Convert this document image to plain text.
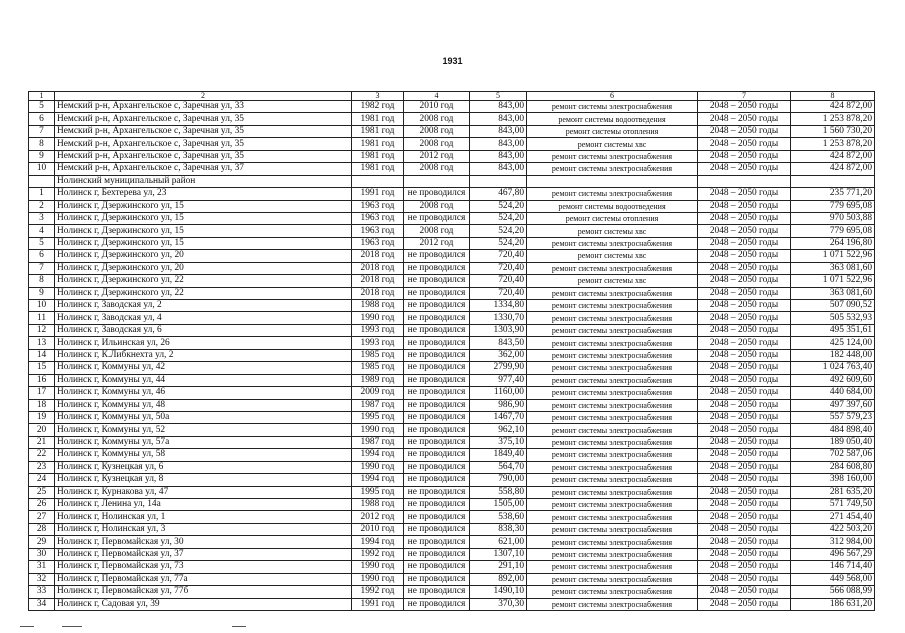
1931
1	2	3	4	5	6	7	8
5	Немский р-н, Архангельское с, Заречная ул, 33	1982 год	2010 год	843,00	ремонт системы электроснабжения	2048 – 2050 годы	424 872,00
6	Немский р-н, Архангельское с, Заречная ул, 35	1981 год	2008 год	843,00	ремонт системы водоотведения	2048 – 2050 годы	1 253 878,20
7	Немский р-н, Архангельское с, Заречная ул, 35	1981 год	2008 год	843,00	ремонт системы отопления	2048 – 2050 годы	1 560 730,20
8	Немский р-н, Архангельское с, Заречная ул, 35	1981 год	2008 год	843,00	ремонт системы хвс	2048 – 2050 годы	1 253 878,20
9	Немский р-н, Архангельское с, Заречная ул, 35	1981 год	2012 год	843,00	ремонт системы электроснабжения	2048 – 2050 годы	424 872,00
10	Немский р-н, Архангельское с, Заречная ул, 37	1981 год	2008 год	843,00	ремонт системы электроснабжения	2048 – 2050 годы	424 872,00
	Нолинский муниципальный район						
1	Нолинск г, Бехтерева ул, 23	1991 год	не проводился	467,80	ремонт системы электроснабжения	2048 – 2050 годы	235 771,20
2	Нолинск г, Дзержинского ул, 15	1963 год	2008 год	524,20	ремонт системы водоотведения	2048 – 2050 годы	779 695,08
3	Нолинск г, Дзержинского ул, 15	1963 год	не проводился	524,20	ремонт системы отопления	2048 – 2050 годы	970 503,88
4	Нолинск г, Дзержинского ул, 15	1963 год	2008 год	524,20	ремонт системы хвс	2048 – 2050 годы	779 695,08
5	Нолинск г, Дзержинского ул, 15	1963 год	2012 год	524,20	ремонт системы электроснабжения	2048 – 2050 годы	264 196,80
6	Нолинск г, Дзержинского ул, 20	2018 год	не проводился	720,40	ремонт системы хвс	2048 – 2050 годы	1 071 522,96
7	Нолинск г, Дзержинского ул, 20	2018 год	не проводился	720,40	ремонт системы электроснабжения	2048 – 2050 годы	363 081,60
8	Нолинск г, Дзержинского ул, 22	2018 год	не проводился	720,40	ремонт системы хвс	2048 – 2050 годы	1 071 522,96
9	Нолинск г, Дзержинского ул, 22	2018 год	не проводился	720,40	ремонт системы электроснабжения	2048 – 2050 годы	363 081,60
10	Нолинск г, Заводская ул, 2	1988 год	не проводился	1334,80	ремонт системы электроснабжения	2048 – 2050 годы	507 090,52
11	Нолинск г, Заводская ул, 4	1990 год	не проводился	1330,70	ремонт системы электроснабжения	2048 – 2050 годы	505 532,93
12	Нолинск г, Заводская ул, 6	1993 год	не проводился	1303,90	ремонт системы электроснабжения	2048 – 2050 годы	495 351,61
13	Нолинск г, Ильинская ул, 26	1993 год	не проводился	843,50	ремонт системы электроснабжения	2048 – 2050 годы	425 124,00
14	Нолинск г, К.Либкнехта ул, 2	1985 год	не проводился	362,00	ремонт системы электроснабжения	2048 – 2050 годы	182 448,00
15	Нолинск г, Коммуны ул, 42	1985 год	не проводился	2799,90	ремонт системы электроснабжения	2048 – 2050 годы	1 024 763,40
16	Нолинск г, Коммуны ул, 44	1989 год	не проводился	977,40	ремонт системы электроснабжения	2048 – 2050 годы	492 609,60
17	Нолинск г, Коммуны ул, 46	2009 год	не проводился	1160,00	ремонт системы электроснабжения	2048 – 2050 годы	440 684,00
18	Нолинск г, Коммуны ул, 48	1987 год	не проводился	986,90	ремонт системы электроснабжения	2048 – 2050 годы	497 397,60
19	Нолинск г, Коммуны ул, 50а	1995 год	не проводился	1467,70	ремонт системы электроснабжения	2048 – 2050 годы	557 579,23
20	Нолинск г, Коммуны ул, 52	1990 год	не проводился	962,10	ремонт системы электроснабжения	2048 – 2050 годы	484 898,40
21	Нолинск г, Коммуны ул, 57а	1987 год	не проводился	375,10	ремонт системы электроснабжения	2048 – 2050 годы	189 050,40
22	Нолинск г, Коммуны ул, 58	1994 год	не проводился	1849,40	ремонт системы электроснабжения	2048 – 2050 годы	702 587,06
23	Нолинск г, Кузнецкая ул, 6	1990 год	не проводился	564,70	ремонт системы электроснабжения	2048 – 2050 годы	284 608,80
24	Нолинск г, Кузнецкая ул, 8	1994 год	не проводился	790,00	ремонт системы электроснабжения	2048 – 2050 годы	398 160,00
25	Нолинск г, Курнакова ул, 47	1995 год	не проводился	558,80	ремонт системы электроснабжения	2048 – 2050 годы	281 635,20
26	Нолинск г, Ленина ул, 14а	1988 год	не проводился	1505,00	ремонт системы электроснабжения	2048 – 2050 годы	571 749,50
27	Нолинск г, Нолинская ул, 1	2012 год	не проводился	538,60	ремонт системы электроснабжения	2048 – 2050 годы	271 454,40
28	Нолинск г, Нолинская ул, 3	2010 год	не проводился	838,30	ремонт системы электроснабжения	2048 – 2050 годы	422 503,20
29	Нолинск г, Первомайская ул, 30	1994 год	не проводился	621,00	ремонт системы электроснабжения	2048 – 2050 годы	312 984,00
30	Нолинск г, Первомайская ул, 37	1992 год	не проводился	1307,10	ремонт системы электроснабжения	2048 – 2050 годы	496 567,29
31	Нолинск г, Первомайская ул, 73	1990 год	не проводился	291,10	ремонт системы электроснабжения	2048 – 2050 годы	146 714,40
32	Нолинск г, Первомайская ул, 77а	1990 год	не проводился	892,00	ремонт системы электроснабжения	2048 – 2050 годы	449 568,00
33	Нолинск г, Первомайская ул, 77б	1992 год	не проводился	1490,10	ремонт системы электроснабжения	2048 – 2050 годы	566 088,99
34	Нолинск г, Садовая ул, 39	1991 год	не проводился	370,30	ремонт системы электроснабжения	2048 – 2050 годы	186 631,20
